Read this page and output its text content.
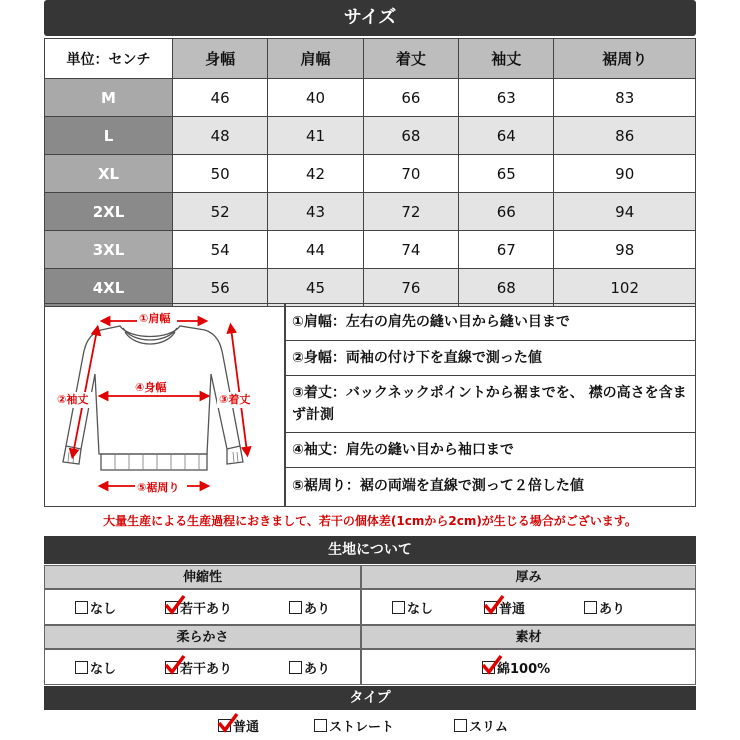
サイズ
単位：センチ	身幅	肩幅	着丈	袖丈	裾周り
M	46	40	66	63	83
L	48	41	68	64	86
XL	50	42	70	65	90
2XL	52	43	72	66	94
3XL	54	44	74	67	98
4XL	56	45	76	68	102
①肩幅
④身幅
②袖丈	③着丈
⑤裾周り
①肩幅：左右の肩先の縫い目から縫い目まで
②身幅：両袖の付け下を直線で測った値
③着丈：バックネックポイントから裾までを、 襟の高さを含まず計測
④袖丈：肩先の縫い目から袖口まで
⑤裾周り：裾の両端を直線で測って２倍した値
大量生産による生産過程におきまして、若干の個体差(1cmから2cm)が生じる場合がございます。
生地について
伸縮性	厚み
なし	若干あり	あり	なし	普通	あり
柔らかさ	素材
なし	若干あり	あり	綿100%
タイプ
普通	ストレート	スリム
